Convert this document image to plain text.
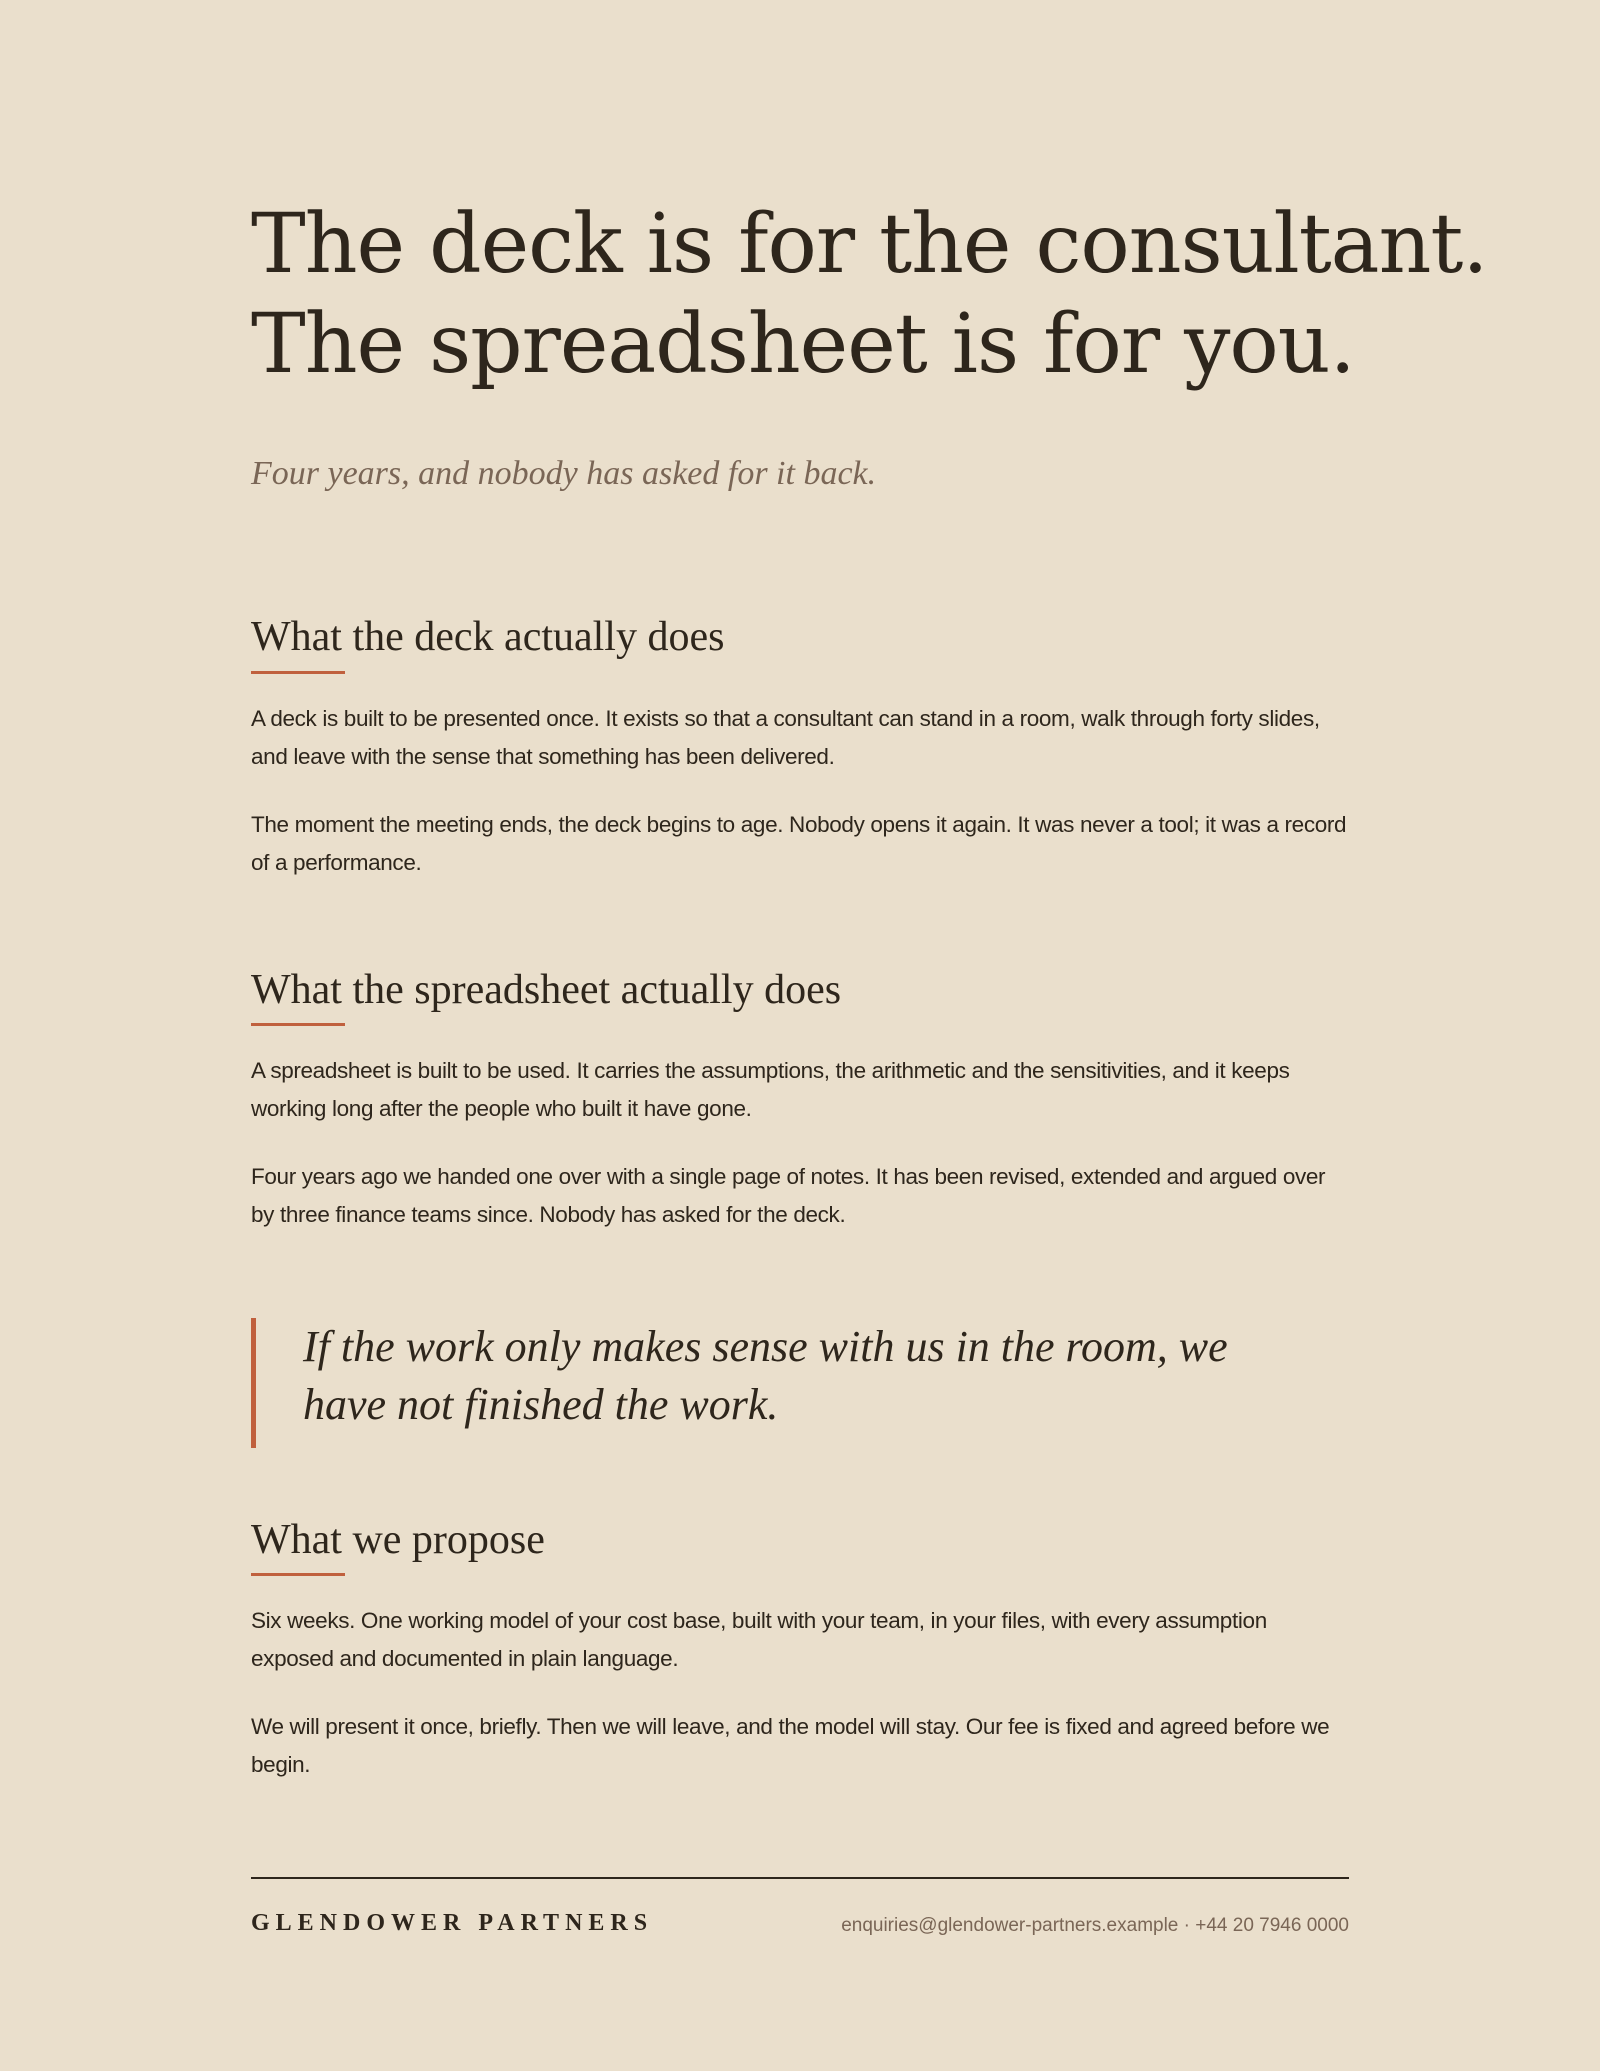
The deck is for the consultant.
The spreadsheet is for you.

Four years, and nobody has asked for it back.

What the deck actually does

A deck is built to be presented once. It exists so that a consultant can stand in a room, walk through forty slides, and leave with the sense that something has been delivered.

The moment the meeting ends, the deck begins to age. Nobody opens it again. It was never a tool; it was a record of a performance.

What the spreadsheet actually does

A spreadsheet is built to be used. It carries the assumptions, the arithmetic and the sensitivities, and it keeps working long after the people who built it have gone.

Four years ago we handed one over with a single page of notes. It has been revised, extended and argued over by three finance teams since. Nobody has asked for the deck.

If the work only makes sense with us in the room, we have not finished the work.

What we propose

Six weeks. One working model of your cost base, built with your team, in your files, with every assumption exposed and documented in plain language.

We will present it once, briefly. Then we will leave, and the model will stay. Our fee is fixed and agreed before we begin.

GLENDOWER PARTNERS	enquiries@glendower-partners.example · +44 20 7946 0000
